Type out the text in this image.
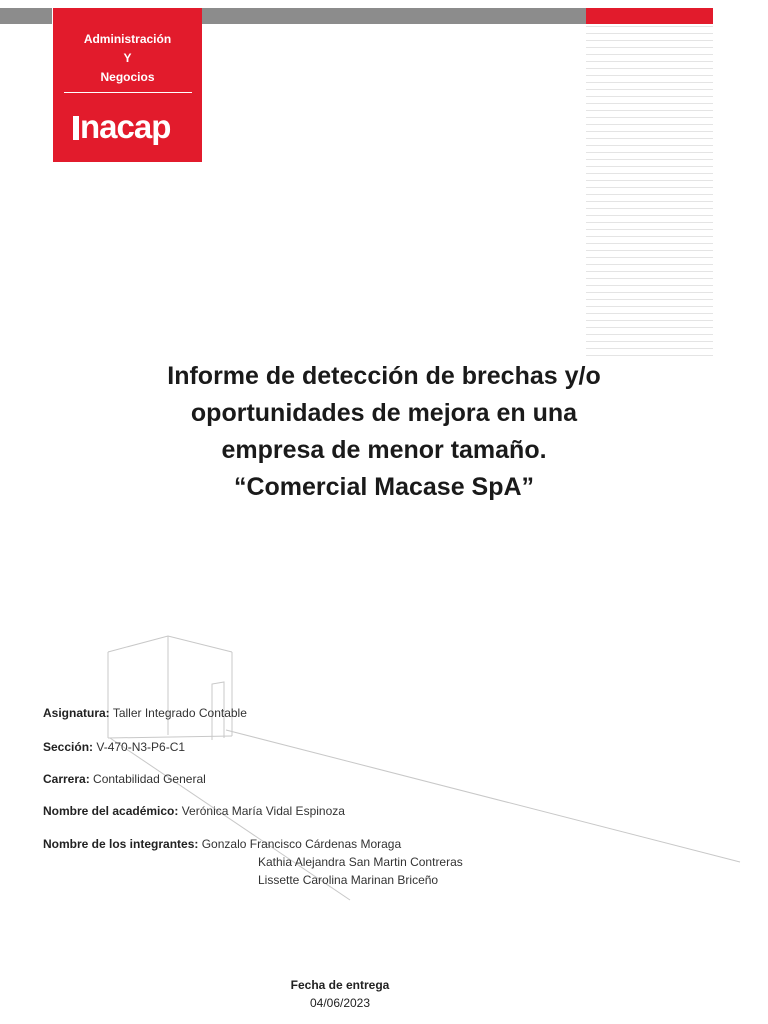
Administración
Y
Negocios
nacap
Informe de detección de brechas y/o
oportunidades de mejora en una
empresa de menor tamaño.
“Comercial Macase SpA”
Asignatura: Taller Integrado Contable
Sección: V-470-N3-P6-C1
Carrera: Contabilidad General
Nombre del académico: Verónica María Vidal Espinoza
Nombre de los integrantes: Gonzalo Francisco Cárdenas Moraga
Kathia Alejandra San Martin Contreras
Lissette Carolina Marinan Briceño
Fecha de entrega
04/06/2023
